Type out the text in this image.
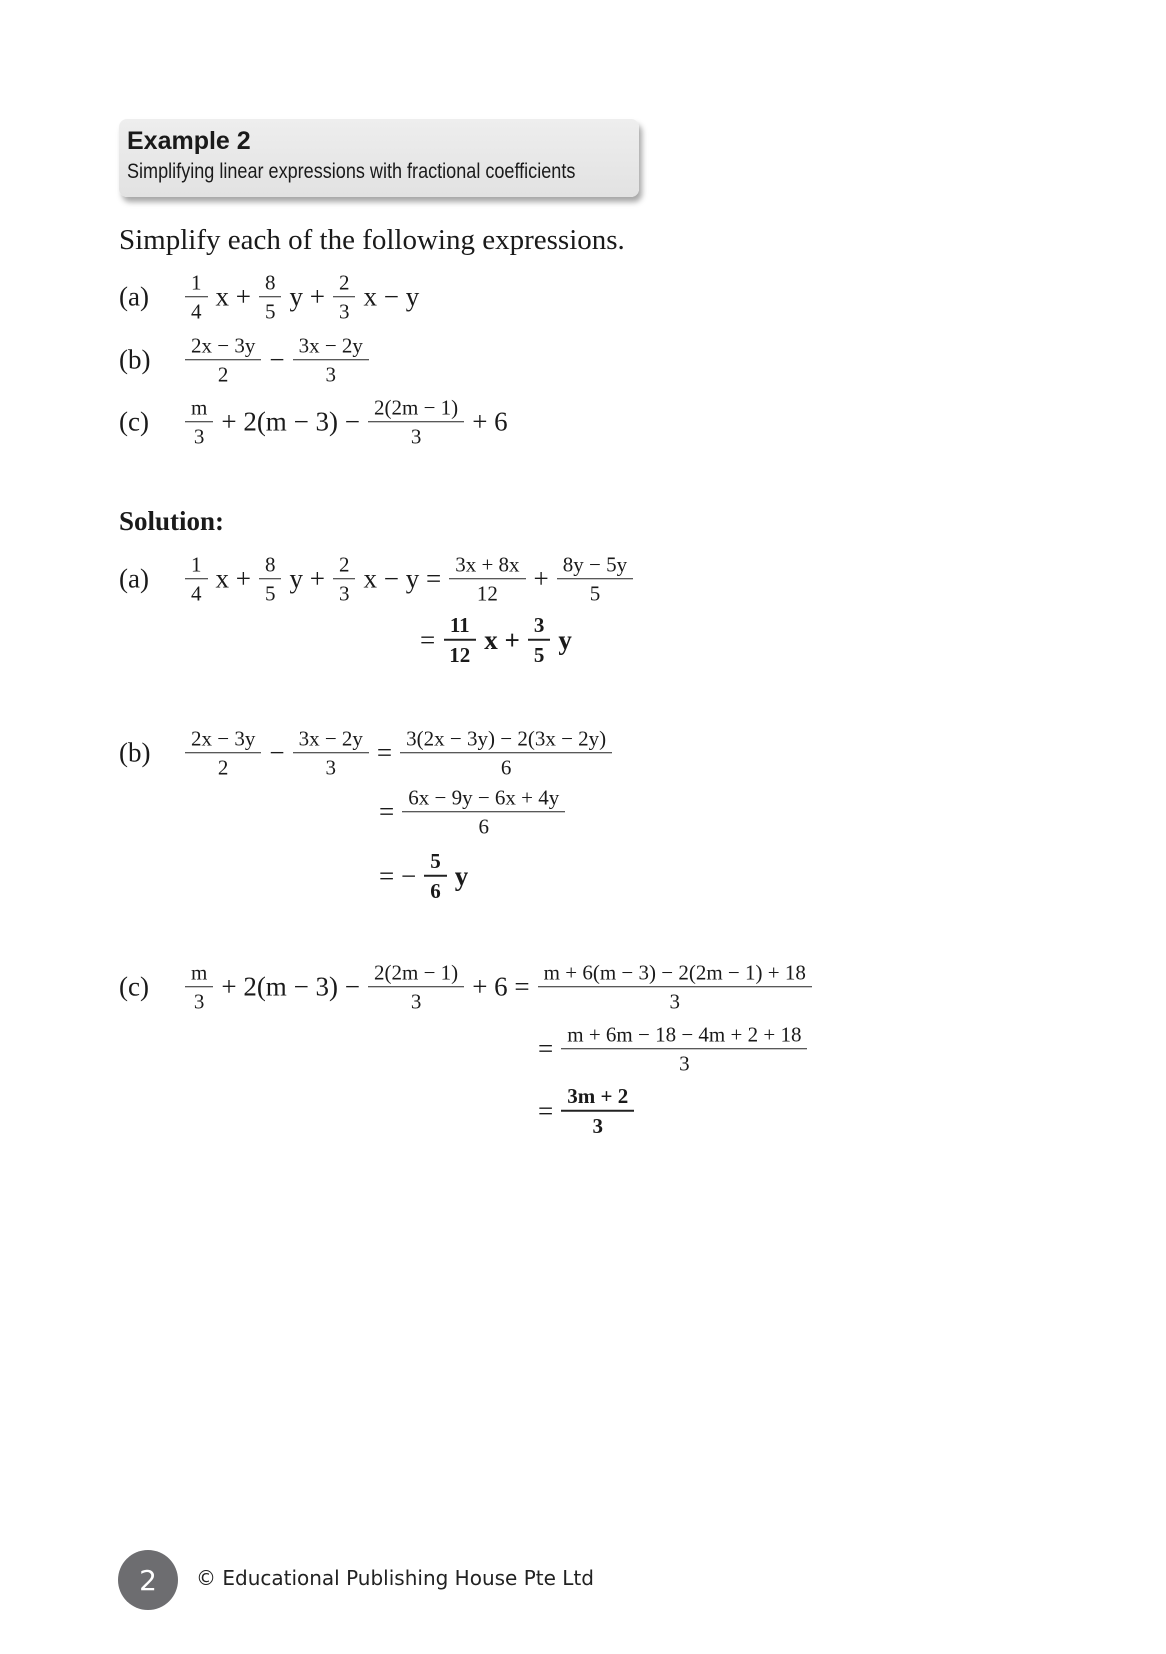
Example 2
Simplifying linear expressions with fractional coefficients
Simplify each of the following expressions.
Solution:
$(a) \frac{1}{4}$ $x + \frac{8}{5}$ $y + \frac{2}{3}$ x − y
$(b) \frac{2x - 3y}{2} - \frac{3x - 2y}{3}$
$(c) \frac{m}{3} + 2(m - 3) - \frac{2(2m - 1)}{3} + 6$
$(a) \frac{1}{4}$ $x + \frac{8}{5}$ $y + \frac{2}{3}$ $x - y = \frac{3x + 8x}{12} + \frac{8y - 5y}{5}$
= $\frac{11}{12}$ $x + \frac{3}{5}$ y
$(b) \frac{2x - 3y}{2} - \frac{3x - 2y}{3} = \frac{3(2x - 3y) - 2(3x - 2y)}{6}$
= $\frac{6x - 9y - 6x + 4y}{6}$
= − $\frac{5}{6}$ y
$(c) \frac{m}{3} + 2(m - 3) - \frac{2(2m - 1)}{3} + 6 = \frac{m + 6(m - 3) - 2(2m - 1) + 18}{3}$
= $\frac{m + 6m - 18 - 4m + 2 + 18}{3}$
= $\frac{3m + 2}{3}$
2	© Educational Publishing House Pte Ltd
